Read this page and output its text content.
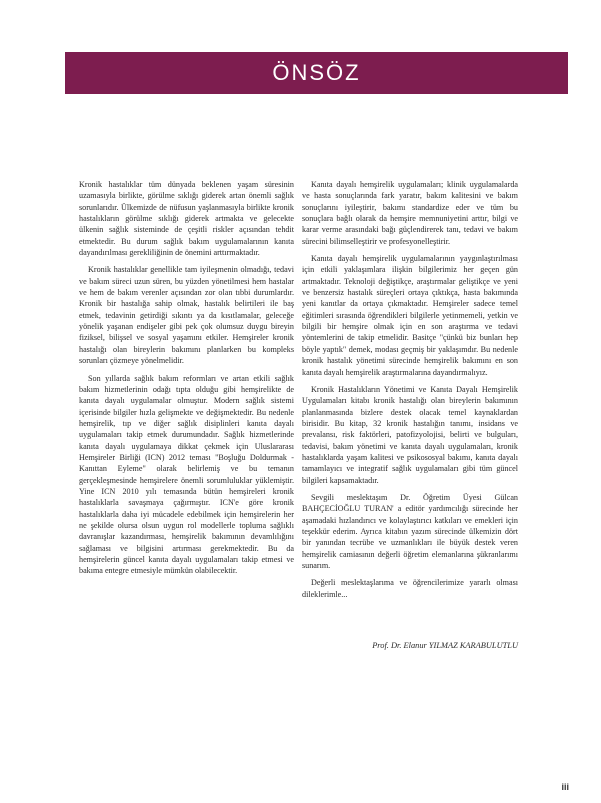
ÖNSÖZ

Kronik hastalıklar tüm dünyada beklenen yaşam süresinin uzamasıyla birlikte, görülme sıklığı giderek artan önemli sağlık sorunlarıdır. Ülkemizde de nüfusun yaşlanmasıyla birlikte kronik hastalıkların görülme sıklığı giderek artmakta ve gelecekte ülkenin sağlık sisteminde de çeşitli riskler açısından tehdit etmektedir. Bu durum sağlık bakım uygulamalarının kanıta dayandırılması gerekliliğinin de önemini arttırmaktadır.

Kronik hastalıklar genellikle tam iyileşmenin olmadığı, tedavi ve bakım süreci uzun süren, bu yüzden yönetilmesi hem hastalar ve hem de bakım verenler açısından zor olan tıbbi durumlardır. Kronik bir hastalığa sahip olmak, hastalık belirtileri ile baş etmek, tedavinin getirdiği sıkıntı ya da kısıtlamalar, geleceğe yönelik yaşanan endişeler gibi pek çok olumsuz duygu bireyin fiziksel, bilişsel ve sosyal yaşamını etkiler. Hemşireler kronik hastalığı olan bireylerin bakımını planlarken bu kompleks sorunları çözmeye yönelmelidir.

Son yıllarda sağlık bakım reformları ve artan etkili sağlık bakım hizmetlerinin odağı tıpta olduğu gibi hemşirelikte de kanıta dayalı uygulamalar olmuştur. Modern sağlık sistemi içerisinde bilgiler hızla gelişmekte ve değişmektedir. Bu nedenle hemşirelik, tıp ve diğer sağlık disiplinleri kanıta dayalı uygulamaları takip etmek durumundadır. Sağlık hizmetlerinde kanıta dayalı uygulamaya dikkat çekmek için Uluslararası Hemşireler Birliği (ICN) 2012 teması "Boşluğu Doldurmak - Kanıttan Eyleme" olarak belirlemiş ve bu temanın gerçekleşmesinde hemşirelere önemli sorumluluklar yüklemiştir. Yine ICN 2010 yılı temasında bütün hemşireleri kronik hastalıklarla savaşmaya çağırmıştır. ICN'e göre kronik hastalıklarla daha iyi mücadele edebilmek için hemşirelerin her ne şekilde olursa olsun uygun rol modellerle topluma sağlıklı davranışlar kazandırması, hemşirelik bakımının devamlılığını sağlaması ve bilgisini artırması gerekmektedir. Bu da hemşirelerin güncel kanıta dayalı uygulamaları takip etmesi ve bakıma entegre etmesiyle mümkün olabilecektir.

Kanıta dayalı hemşirelik uygulamaları; klinik uygulamalarda ve hasta sonuçlarında fark yaratır, bakım kalitesini ve bakım sonuçlarını iyileştirir, bakımı standardize eder ve tüm bu sonuçlara bağlı olarak da hemşire memnuniyetini arttır, bilgi ve karar verme arasındaki bağı güçlendirerek tanı, tedavi ve bakım sürecini bilimselleştirir ve profesyonelleştirir.

Kanıta dayalı hemşirelik uygulamalarının yaygınlaştırılması için etkili yaklaşımlara ilişkin bilgilerimiz her geçen gün artmaktadır. Teknoloji değiştikçe, araştırmalar geliştikçe ve yeni ve benzersiz hastalık süreçleri ortaya çıktıkça, hasta bakımında yeni kanıtlar da ortaya çıkmaktadır. Hemşireler sadece temel eğitimleri sırasında öğrendikleri bilgilerle yetinmemeli, yetkin ve bilgili bir hemşire olmak için en son araştırma ve tedavi yöntemlerini de takip etmelidir. Basitçe "çünkü biz bunları hep böyle yaptık" demek, modası geçmiş bir yaklaşımdır. Bu nedenle kronik hastalık yönetimi sürecinde hemşirelik bakımını en son kanıta dayalı hemşirelik araştırmalarına dayandırmalıyız.

Kronik Hastalıkların Yönetimi ve Kanıta Dayalı Hemşirelik Uygulamaları kitabı kronik hastalığı olan bireylerin bakımının planlanmasında bizlere destek olacak temel kaynaklardan birisidir. Bu kitap, 32 kronik hastalığın tanımı, insidans ve prevalansı, risk faktörleri, patofizyolojisi, belirti ve bulguları, tedavisi, bakım yönetimi ve kanıta dayalı uygulamaları, kronik hastalıklarda yaşam kalitesi ve psikososyal bakımı, kanıta dayalı tamamlayıcı ve integratif sağlık uygulamaları gibi tüm güncel bilgileri kapsamaktadır.

Sevgili meslektaşım Dr. Öğretim Üyesi Gülcan BAHÇECİOĞLU TURAN' a editör yardımcılığı sürecinde her aşamadaki hızlandırıcı ve kolaylaştırıcı katkıları ve emekleri için teşekkür ederim. Ayrıca kitabın yazım sürecinde ülkemizin dört bir yanından tecrübe ve uzmanlıkları ile büyük destek veren hemşirelik camiasının değerli öğretim elemanlarına şükranlarımı sunarım.

Değerli meslektaşlarıma ve öğrencilerimize yararlı olması dileklerimle...

Prof. Dr. Elanur YILMAZ KARABULUTLU
iii
